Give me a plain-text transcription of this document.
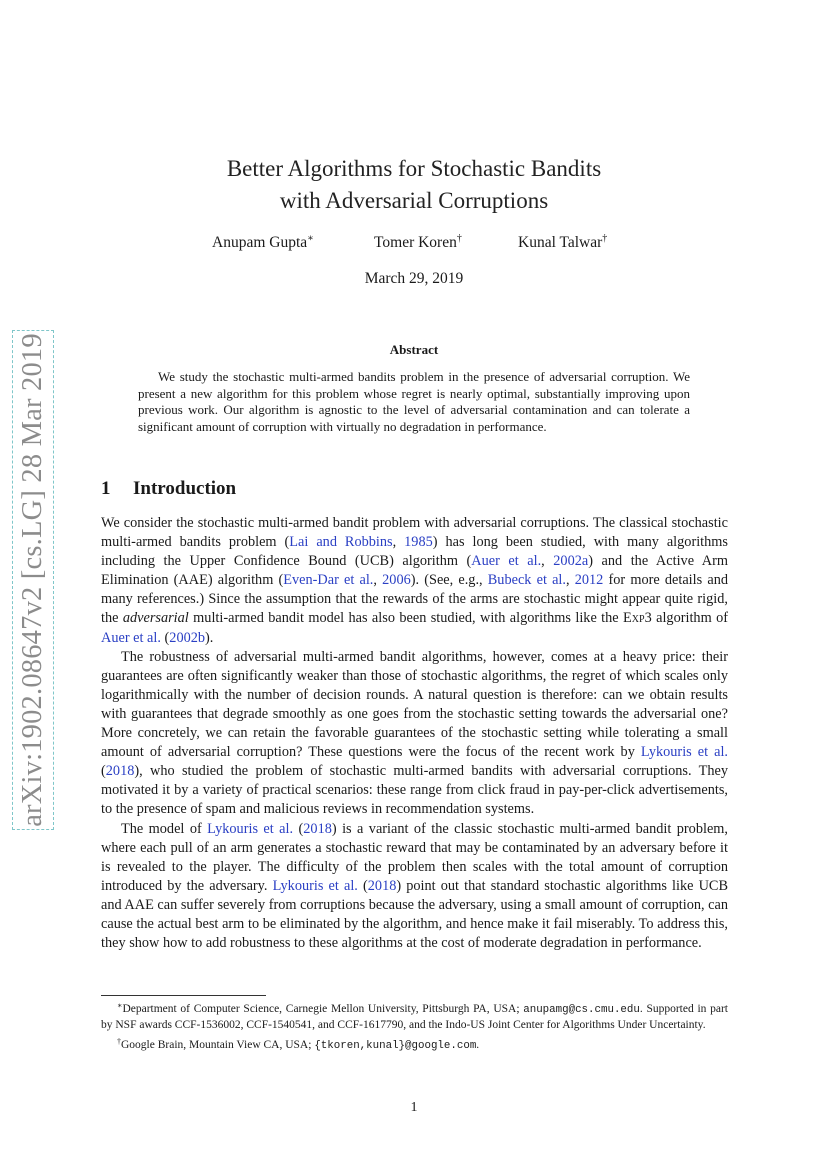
arXiv:1902.08647v2 [cs.LG] 28 Mar 2019
Better Algorithms for Stochastic Bandits
with Adversarial Corruptions
Anupam Gupta∗	Tomer Koren†	Kunal Talwar†
March 29, 2019
Abstract
We study the stochastic multi-armed bandits problem in the presence of adversarial corruption. We present a new algorithm for this problem whose regret is nearly optimal, substantially improving upon previous work. Our algorithm is agnostic to the level of adversarial contamination and can tolerate a significant amount of corruption with virtually no degradation in performance.
1 Introduction

We consider the stochastic multi-armed bandit problem with adversarial corruptions. The classical stochastic multi-armed bandits problem (Lai and Robbins, 1985) has long been studied, with many algorithms including the Upper Confidence Bound (UCB) algorithm (Auer et al., 2002a) and the Active Arm Elimination (AAE) algorithm (Even-Dar et al., 2006). (See, e.g., Bubeck et al., 2012 for more details and many references.) Since the assumption that the rewards of the arms are stochastic might appear quite rigid, the adversarial multi-armed bandit model has also been studied, with algorithms like the Exp3 algorithm of Auer et al. (2002b).

The robustness of adversarial multi-armed bandit algorithms, however, comes at a heavy price: their guarantees are often significantly weaker than those of stochastic algorithms, the regret of which scales only logarithmically with the number of decision rounds. A natural question is therefore: can we obtain results with guarantees that degrade smoothly as one goes from the stochastic setting towards the adversarial one? More concretely, we can retain the favorable guarantees of the stochastic setting while tolerating a small amount of adversarial corruption? These questions were the focus of the recent work by Lykouris et al. (2018), who studied the problem of stochastic multi-armed bandits with adversarial corruptions. They motivated it by a variety of practical scenarios: these range from click fraud in pay-per-click advertisements, to the presence of spam and malicious reviews in recommendation systems.

The model of Lykouris et al. (2018) is a variant of the classic stochastic multi-armed bandit problem, where each pull of an arm generates a stochastic reward that may be contaminated by an adversary before it is revealed to the player. The difficulty of the problem then scales with the total amount of corruption introduced by the adversary. Lykouris et al. (2018) point out that standard stochastic algorithms like UCB and AAE can suffer severely from corruptions because the adversary, using a small amount of corruption, can cause the actual best arm to be eliminated by the algorithm, and hence make it fail miserably. To address this, they show how to add robustness to these algorithms at the cost of moderate degradation in performance.

∗Department of Computer Science, Carnegie Mellon University, Pittsburgh PA, USA; anupamg@cs.cmu.edu. Supported in part by NSF awards CCF-1536002, CCF-1540541, and CCF-1617790, and the Indo-US Joint Center for Algorithms Under Uncertainty.

†Google Brain, Mountain View CA, USA; {tkoren,kunal}@google.com.

1
